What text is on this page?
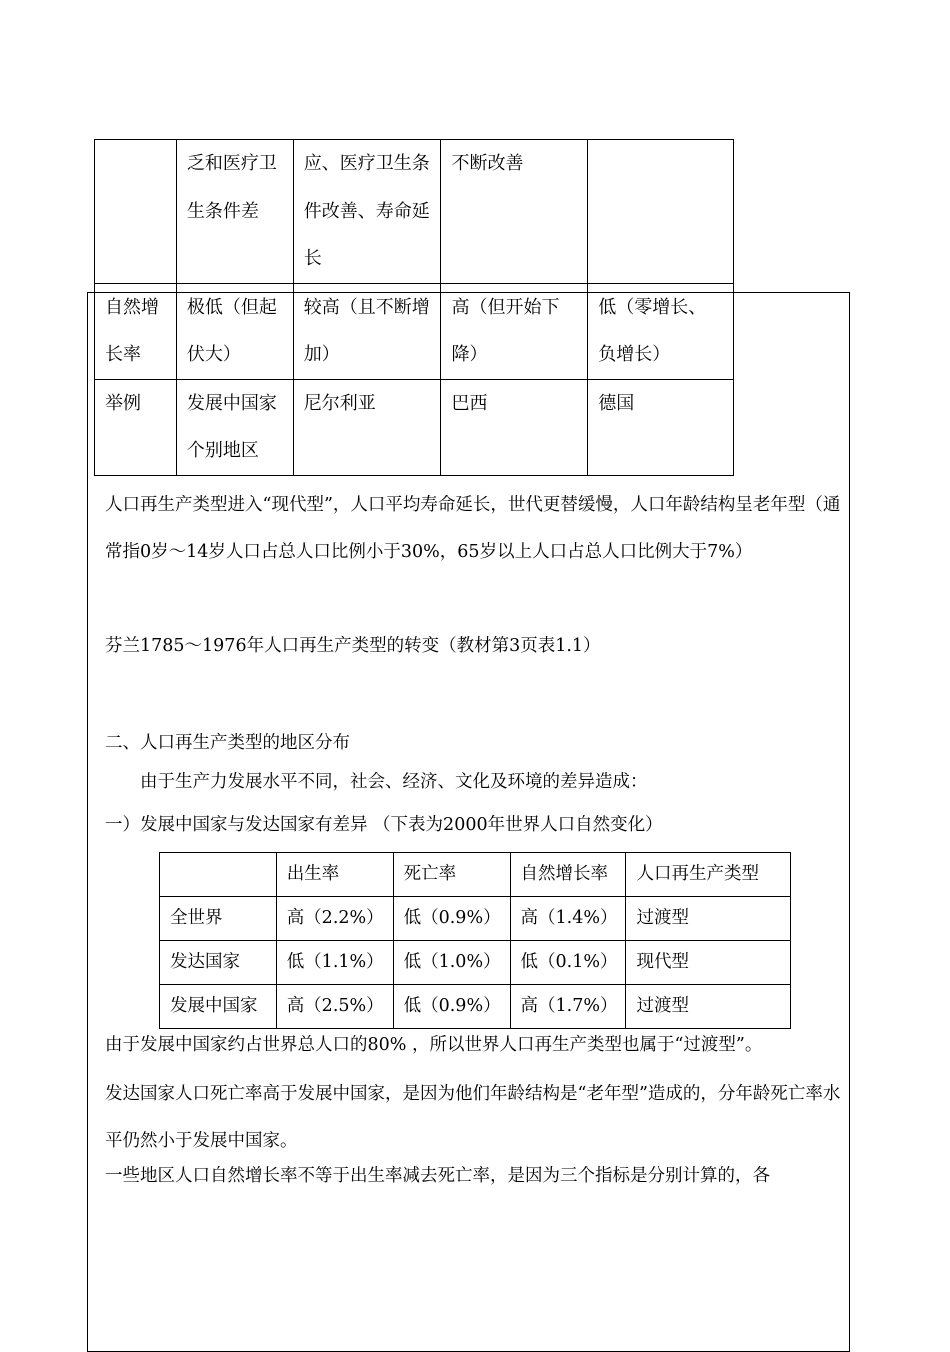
	乏和医疗卫生条件差	应、医疗卫生条件改善、寿命延长	不断改善	
自然增长率	极低（但起伏大）	较高（且不断增加）	高（但开始下降）	低（零增长、负增长）
举例	发展中国家个别地区	尼尔利亚	巴西	德国
人口再生产类型进入“现代型”，人口平均寿命延长，世代更替缓慢，人口年龄结构呈老年型（通常指0岁～14岁人口占总人口比例小于30%，65岁以上人口占总人口比例大于7%）
芬兰1785～1976年人口再生产类型的转变（教材第3页表1.1）
二、人口再生产类型的地区分布
由于生产力发展水平不同，社会、经济、文化及环境的差异造成：
一）发展中国家与发达国家有差异 （下表为2000年世界人口自然变化）
	出生率	死亡率	自然增长率	人口再生产类型
全世界	高（2.2%）	低（0.9%）	高（1.4%）	过渡型
发达国家	低（1.1%）	低（1.0%）	低（0.1%）	现代型
发展中国家	高（2.5%）	低（0.9%）	高（1.7%）	过渡型
由于发展中国家约占世界总人口的80% ，所以世界人口再生产类型也属于“过渡型”。
发达国家人口死亡率高于发展中国家，是因为他们年龄结构是“老年型”造成的，分年龄死亡率水平仍然小于发展中国家。
一些地区人口自然增长率不等于出生率减去死亡率，是因为三个指标是分别计算的，各
